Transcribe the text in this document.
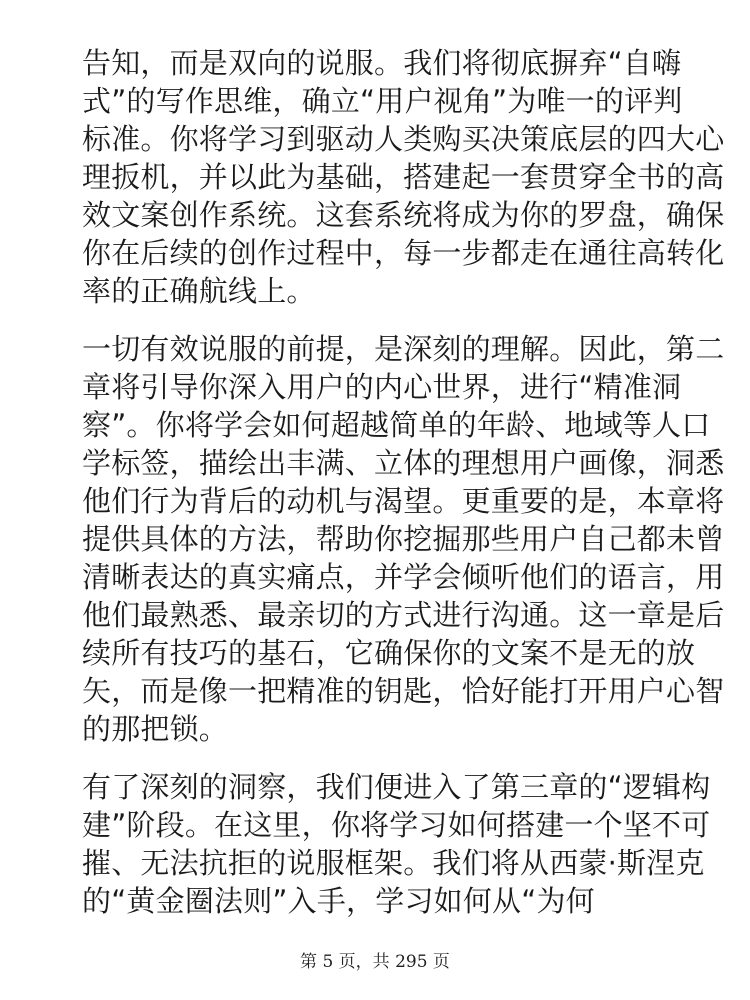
告知，而是双向的说服。我们将彻底摒弃“自嗨
式”的写作思维，确立“用户视角”为唯一的评判
标准。你将学习到驱动人类购买决策底层的四大心
理扳机，并以此为基础，搭建起一套贯穿全书的高
效文案创作系统。这套系统将成为你的罗盘，确保
你在后续的创作过程中，每一步都走在通往高转化
率的正确航线上。
一切有效说服的前提，是深刻的理解。因此，第二
章将引导你深入用户的内心世界，进行“精准洞
察”。你将学会如何超越简单的年龄、地域等人口
学标签，描绘出丰满、立体的理想用户画像，洞悉
他们行为背后的动机与渴望。更重要的是，本章将
提供具体的方法，帮助你挖掘那些用户自己都未曾
清晰表达的真实痛点，并学会倾听他们的语言，用
他们最熟悉、最亲切的方式进行沟通。这一章是后
续所有技巧的基石，它确保你的文案不是无的放
矢，而是像一把精准的钥匙，恰好能打开用户心智
的那把锁。
有了深刻的洞察，我们便进入了第三章的“逻辑构
建”阶段。在这里，你将学习如何搭建一个坚不可
摧、无法抗拒的说服框架。我们将从西蒙·斯涅克
的“黄金圈法则”入手，学习如何从“为何
第 5 页，共 295 页
